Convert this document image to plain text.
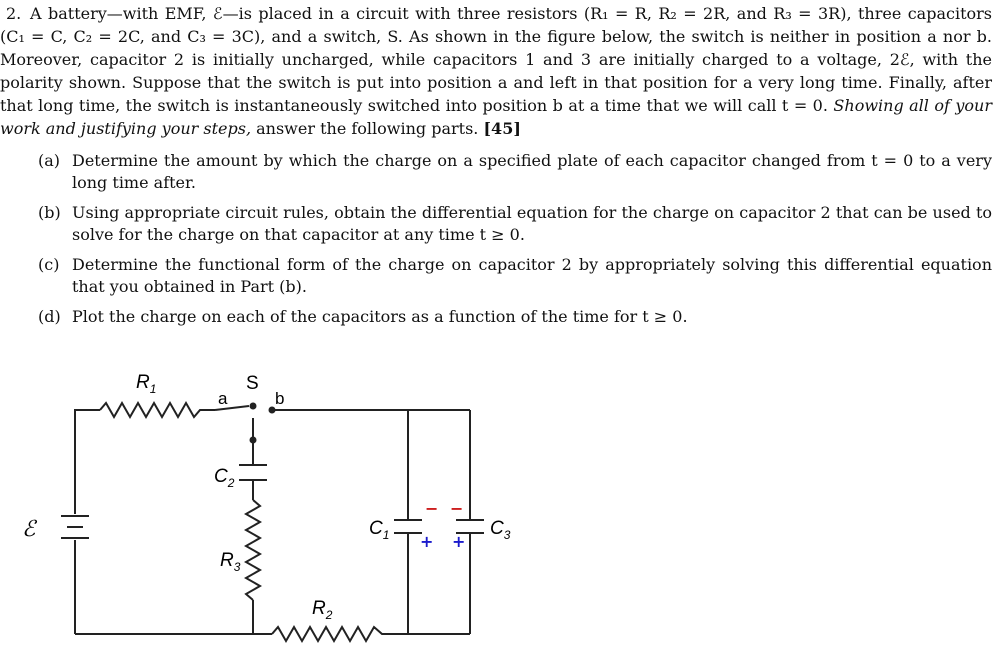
2. A battery—with EMF, ℰ—is placed in a circuit with three resistors (R₁ = R, R₂ = 2R, and R₃ = 3R), three capacitors (C₁ = C, C₂ = 2C, and C₃ = 3C), and a switch, S. As shown in the figure below, the switch is neither in position a nor b. Moreover, capacitor 2 is initially uncharged, while capacitors 1 and 3 are initially charged to a voltage, 2ℰ, with the polarity shown. Suppose that the switch is put into position a and left in that position for a very long time. Finally, after that long time, the switch is instantaneously switched into position b at a time that we will call t = 0. Showing all of your work and justifying your steps, answer the following parts. [45]

(a) Determine the amount by which the charge on a specified plate of each capacitor changed from t = 0 to a very long time after.
(b) Using appropriate circuit rules, obtain the differential equation for the charge on capacitor 2 that can be used to solve for the charge on that capacitor at any time t ≥ 0.
(c) Determine the functional form of the charge on capacitor 2 by appropriately solving this differential equation that you obtained in Part (b).
(d) Plot the charge on each of the capacitors as a function of the time for t ≥ 0.
$R_1$	S
a	b
$C_2$
$R_3$
$R_2$
$C_1$	$C_3$
ℰ
− −
+ +
